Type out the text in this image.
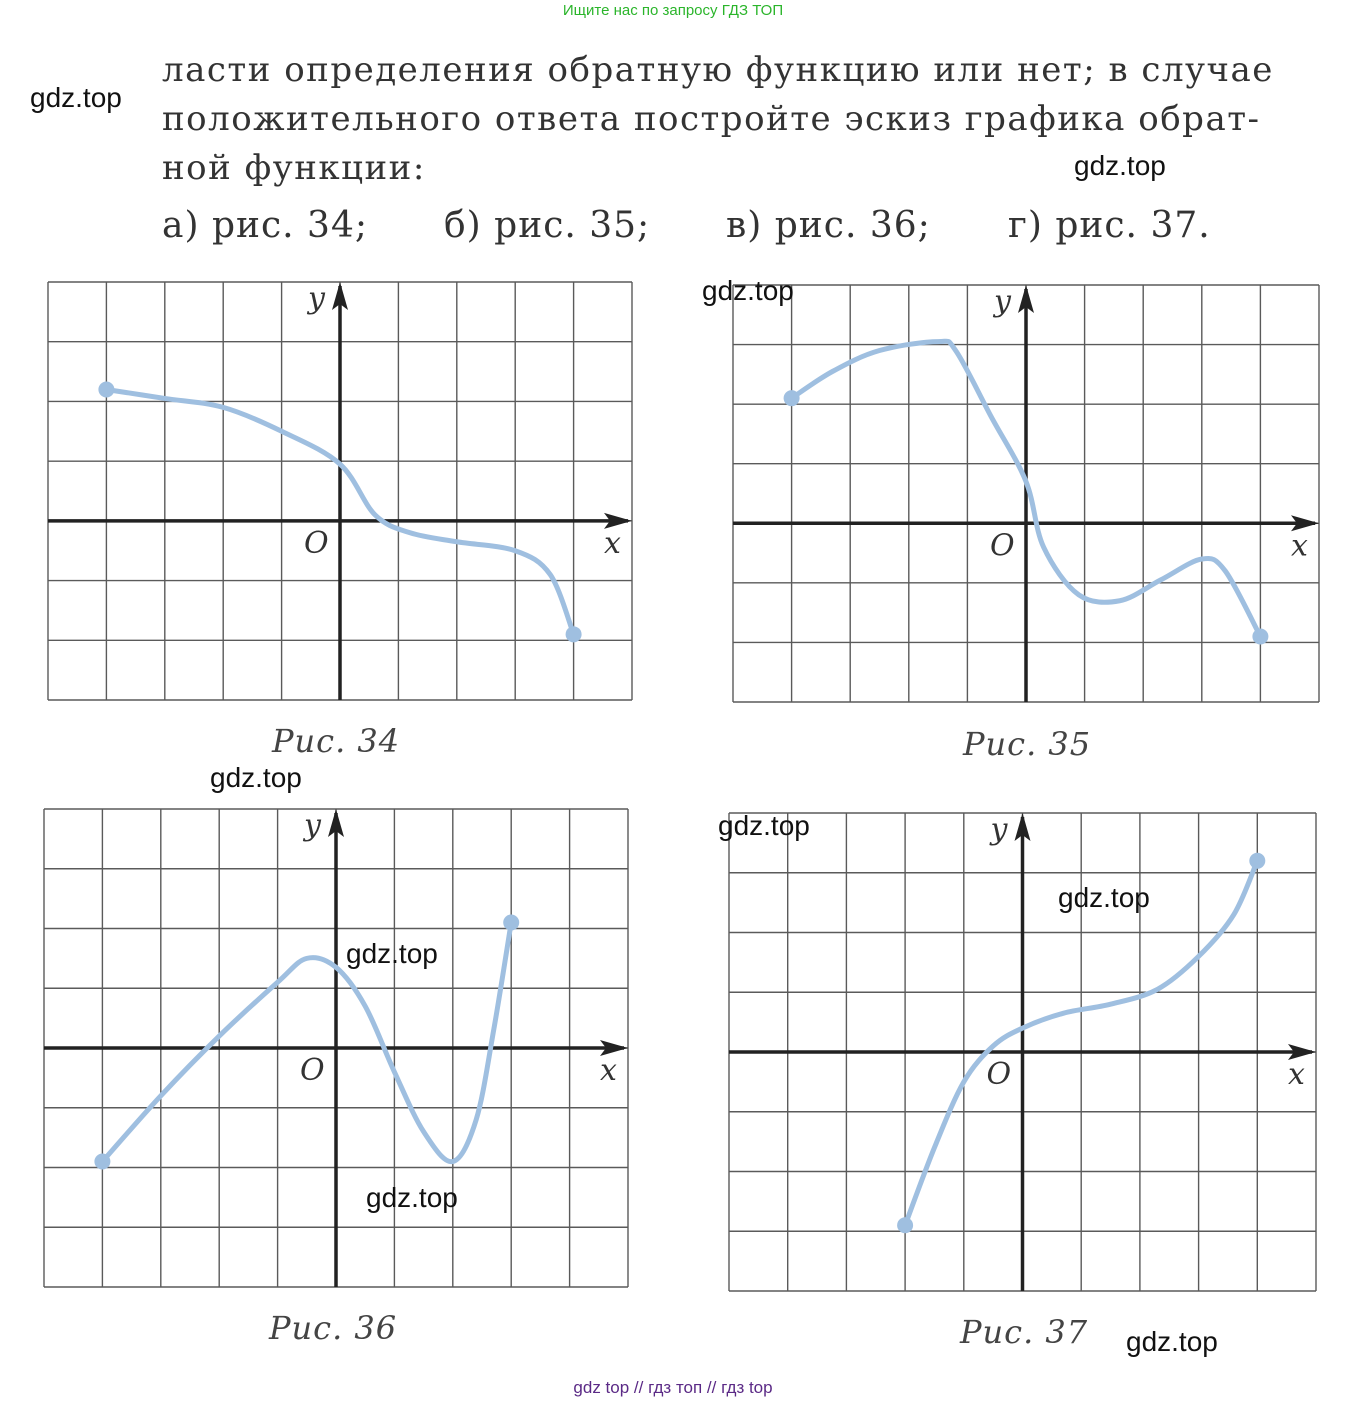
Ищите нас по запросу ГДЗ ТОП
ласти определения обратную функцию или нет; в случае
положительного ответа постройте эскиз графика обрат-
ной функции:
а) рис. 34; б) рис. 35; в) рис. 36; г) рис. 37.
x
y
O	x
y
O
x
y
O	x
y
O
Рис. 34	Рис. 35
Рис. 36	Рис. 37
gdz.top
gdz.top
gdz.top
gdz.top
gdz.top
gdz.top
gdz.top
gdz.top
gdz.top
gdz top // гдз топ // гдз top
